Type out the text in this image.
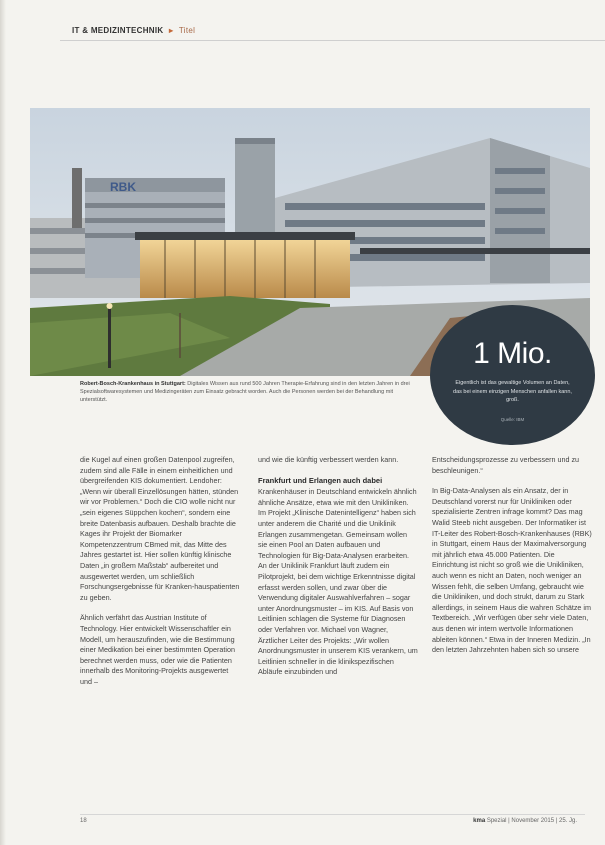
IT & MEDIZINTECHNIK ▸ Titel
RBK
Robert-Bosch-Krankenhaus in Stuttgart: Digitales Wissen aus rund 500 Jahren Therapie-Erfahrung sind in den letzten Jahren in drei Spezialsoftwaresystemen und Medizingeräten zum Einsatz gebracht worden. Auch die Personen werden bei der Behandlung mit unterstützt.
1 Mio.
Eigentlich ist das gewaltige Volumen an Daten, das bei einem einzigen Menschen anfallen kann, groß.
Quelle: IBM

die Kugel auf einen großen Datenpool zugreifen, zudem sind alle Fälle in einem einheitlichen und übergreifenden KIS dokumentiert. Lendoher: „Wenn wir überall Einzellösungen hätten, stünden wir vor Problemen.“ Doch die CIO wolle nicht nur „sein eigenes Süppchen kochen“, sondern eine breite Datenbasis aufbauen. Deshalb brachte die Kages ihr Projekt der Biomarker Kompetenzzentrum CBmed mit, das Mitte des Jahres gestartet ist. Hier sollen künftig klinische Daten „in großem Maßstab“ aufbereitet und ausgewertet werden, um schließlich Forschungsergebnisse für Kranken-hauspatienten zu geben.

Ähnlich verfährt das Austrian Institute of Technology. Hier entwickelt Wissenschaftler ein Modell, um herauszufinden, wie die Bestimmung einer Medikation bei einer bestimmten Operation berechnet werden muss, oder wie die Patienten innerhalb des Monitoring-Projekts ausgewertet und –

und wie die künftig verbessert werden kann.

Frankfurt und Erlangen auch dabei

Krankenhäuser in Deutschland entwickeln ähnlich ähnliche Ansätze, etwa wie mit den Unikliniken. Im Projekt „Klinische Datenintelligenz“ haben sich unter anderem die Charité und die Uniklinik Erlangen zusammengetan. Gemeinsam wollen sie einen Pool an Daten aufbauen und Technologien für Big-Data-Analysen erarbeiten. An der Uniklinik Frankfurt läuft zudem ein Pilotprojekt, bei dem wichtige Erkenntnisse digital erfasst werden sollen, und zwar über die Verwendung digitaler Auswahlverfahren – sogar unter Anordnungsmuster – im KIS. Auf Basis von Leitlinien schlagen die Systeme für Diagnosen oder Verfahren vor. Michael von Wagner, Ärztlicher Leiter des Projekts: „Wir wollen Anordnungsmuster in unserem KIS verankern, um Leitlinien schneller in die klinikspezifischen Abläufe einzubinden und

Entscheidungsprozesse zu verbessern und zu beschleunigen.“

In Big-Data-Analysen als ein Ansatz, der in Deutschland vorerst nur für Unikliniken oder spezialisierte Zentren infrage kommt? Das mag Walid Steeb nicht ausgeben. Der Informatiker ist IT-Leiter des Robert-Bosch-Krankenhauses (RBK) in Stuttgart, einem Haus der Maximalversorgung mit jährlich etwa 45.000 Patienten. Die Einrichtung ist nicht so groß wie die Unikliniken, auch wenn es nicht an Daten, noch weniger an Wissen fehlt, die selben Umfang, gebraucht wie die Unikliniken, und doch strukt, darum zu Stark allerdings, in seinem Haus die wahren Schätze im Textbereich. „Wir verfügen über sehr viele Daten, aus denen wir intern wertvolle Informationen ableiten können.“ Etwa in der Inneren Medizin. „In den letzten Jahrzehnten haben sich so unsere

18	kma Spezial | November 2015 | 25. Jg.
